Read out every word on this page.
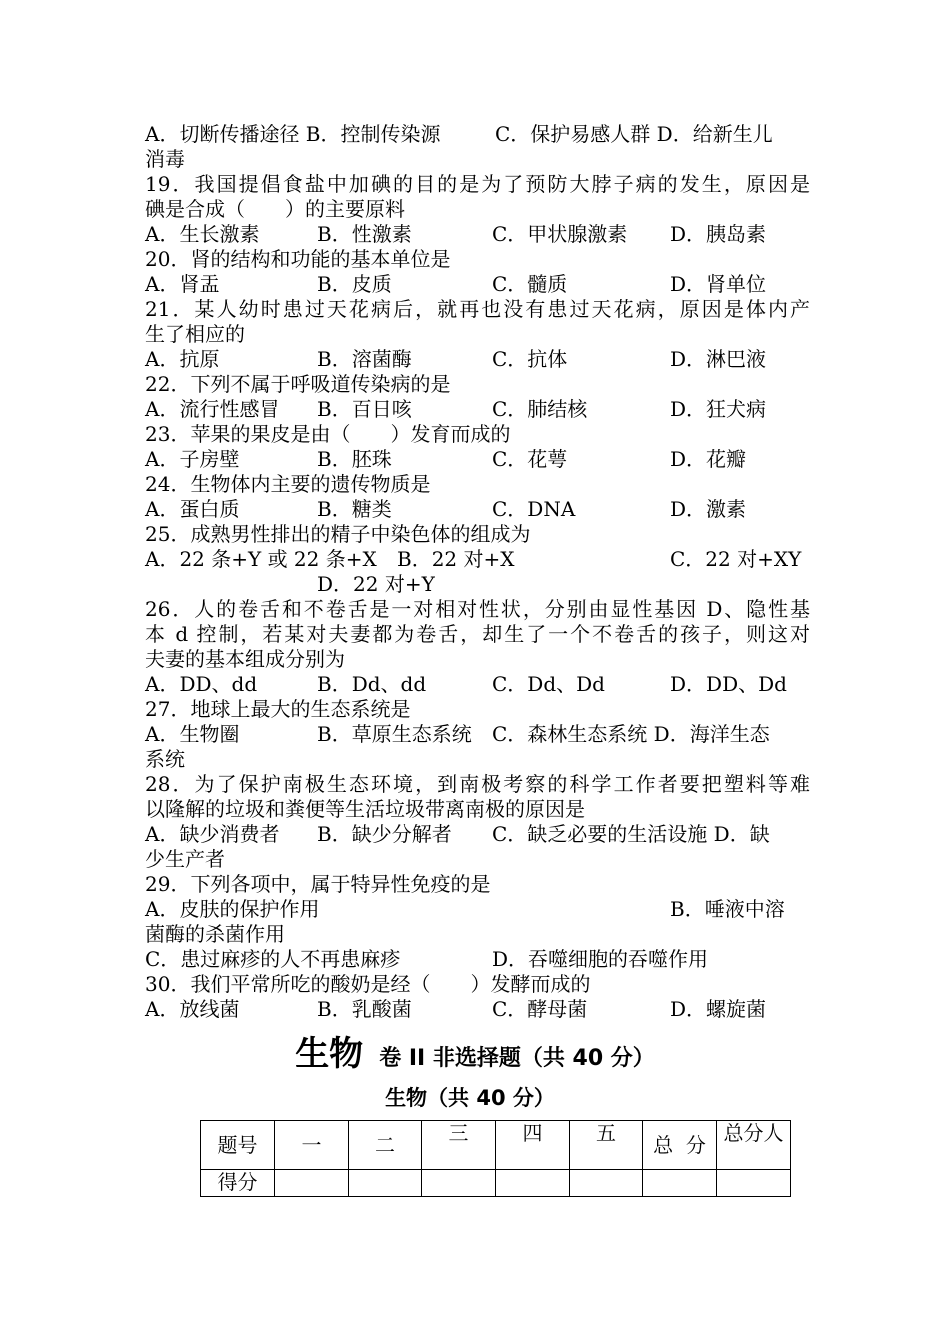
A．切断传播途径 B．控制传染源	C．保护易感人群 D．给新生儿
消毒
19．我国提倡食盐中加碘的目的是为了预防大脖子病的发生，原因是
碘是合成（　　）的主要原料
A．生长激素	B．性激素	C．甲状腺激素 D．胰岛素
20．肾的结构和功能的基本单位是
A．肾盂	B．皮质	C．髓质	D．肾单位
21．某人幼时患过天花病后，就再也没有患过天花病，原因是体内产
生了相应的
A．抗原	B．溶菌酶	C．抗体	D．淋巴液
22．下列不属于呼吸道传染病的是
A．流行性感冒 B．百日咳	C．肺结核	D．狂犬病
23．苹果的果皮是由（　　）发育而成的
A．子房壁	B．胚珠	C．花萼	D．花瓣
24．生物体内主要的遗传物质是
A．蛋白质	B．糖类	C．DNA	D．激素
25．成熟男性排出的精子中染色体的组成为
A．22 条+Y 或 22 条+X B．22 对+X	C．22 对+XY
D．22 对+Y
26．人的卷舌和不卷舌是一对相对性状，分别由显性基因 D、隐性基
本 d 控制，若某对夫妻都为卷舌，却生了一个不卷舌的孩子，则这对
夫妻的基本组成分别为
A．DD、dd	B．Dd、dd	C．Dd、Dd	D．DD、Dd
27．地球上最大的生态系统是
A．生物圈	B．草原生态系统 C．森林生态系统 D．海洋生态
系统
28．为了保护南极生态环境，到南极考察的科学工作者要把塑料等难
以隆解的垃圾和粪便等生活垃圾带离南极的原因是
A．缺少消费者 B．缺少分解者 C．缺乏必要的生活设施 D．缺
少生产者
29．下列各项中，属于特异性免疫的是
A．皮肤的保护作用	B．唾液中溶
菌酶的杀菌作用
C．患过麻疹的人不再患麻疹	D．吞噬细胞的吞噬作用
30．我们平常所吃的酸奶是经（　　）发酵而成的
A．放线菌	B．乳酸菌	C．酵母菌	D．螺旋菌
生物 卷 II 非选择题（共 40 分）
生物（共 40 分）
题号	一	二	三	四	五	总  分	总分人
得分							
